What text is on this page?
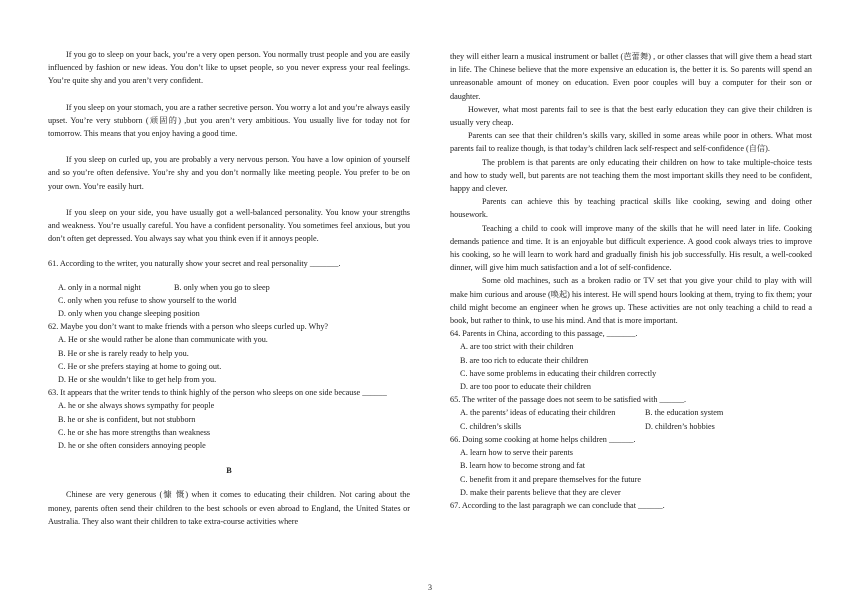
If you go to sleep on your back, you’re a very open person. You normally trust people and you are easily influenced by fashion or new ideas. You don’t like to upset people, so you never express your real feelings. You’re quite shy and you aren’t very confident.

If you sleep on your stomach, you are a rather secretive person. You worry a lot and you’re always easily upset. You’re very stubborn (顽固的) ,but you aren’t very ambitious. You usually live for today not for tomorrow. This means that you enjoy having a good time.

If you sleep on curled up, you are probably a very nervous person. You have a low opinion of yourself and so you’re often defensive. You’re shy and you don’t normally like meeting people. You prefer to be on your own. You’re easily hurt.

If you sleep on your side, you have usually got a well-balanced personality. You know your strengths and weakness. You’re usually careful. You have a confident personality. You sometimes feel anxious, but you don’t often get depressed. You always say what you think even if it annoys people.

61. According to the writer, you naturally show your secret and real personality _______.

A. only in a normal night	B. only when you go to sleep

C. only when you refuse to show yourself to the world

D. only when you change sleeping position

62. Maybe you don’t want to make friends with a person who sleeps curled up. Why?

A. He or she would rather be alone than communicate with you.

B. He or she is rarely ready to help you.

C. He or she prefers staying at home to going out.

D. He or she wouldn’t like to get help from you.

63. It appears that the writer tends to think highly of the person who sleeps on one side because ______

A. he or she always shows sympathy for people

B. he or she is confident, but not stubborn

C. he or she has more strengths than weakness

D. he or she often considers annoying people

B

Chinese are very generous (慷 慨) when it comes to educating their children. Not caring about the money, parents often send their children to the best schools or even abroad to England, the United States or Australia. They also want their children to take extra-course activities where

they will either learn a musical instrument or ballet (芭蕾舞) , or other classes that will give them a head start in life. The Chinese believe that the more expensive an education is, the better it is. So parents will spend an unreasonable amount of money on education. Even poor couples will buy a computer for their son or daughter.

However, what most parents fail to see is that the best early education they can give their children is usually very cheap.

Parents can see that their children’s skills vary, skilled in some areas while poor in others. What most parents fail to realize though, is that today’s children lack self-respect and self-confidence (自信).

The problem is that parents are only educating their children on how to take multiple-choice tests and how to study well, but parents are not teaching them the most important skills they need to be confident, happy and clever.

Parents can achieve this by teaching practical skills like cooking, sewing and doing other housework.

Teaching a child to cook will improve many of the skills that he will need later in life. Cooking demands patience and time. It is an enjoyable but difficult experience. A good cook always tries to improve his cooking, so he will learn to work hard and gradually finish his job successfully. His result, a well-cooked dinner, will give him much satisfaction and a lot of self-confidence.

Some old machines, such as a broken radio or TV set that you give your child to play with will make him curious and arouse (唤起) his interest. He will spend hours looking at them, trying to fix them; your child might become an engineer when he grows up. These activities are not only teaching a child to read a book, but rather to think, to use his mind. And that is more important.

64. Parents in China, according to this passage, _______.

A. are too strict with their children

B. are too rich to educate their children

C. have some problems in educating their children correctly

D. are too poor to educate their children

65. The writer of the passage does not seem to be satisfied with ______.

A. the parents’ ideas of educating their children	B. the education system
C. children’s skills	D. children’s hobbies

66. Doing some cooking at home helps children ______.

A. learn how to serve their parents

B. learn how to become strong and fat

C. benefit from it and prepare themselves for the future

D. make their parents believe that they are clever

67. According to the last paragraph we can conclude that ______.

3
